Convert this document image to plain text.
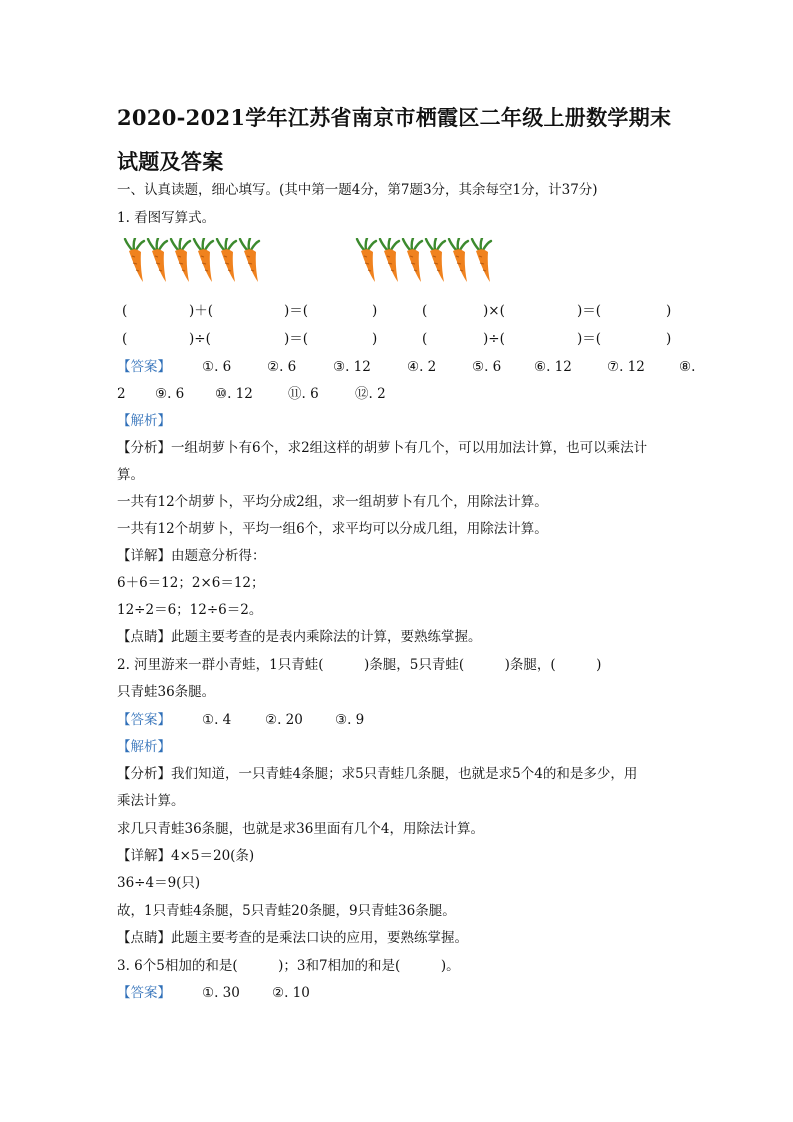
2020-2021学年江苏省南京市栖霞区二年级上册数学期末试题及答案
一、认真读题，细心填写。(其中第一题4分，第7题3分，其余每空1分，计37分)
1. 看图写算式。
(	)＋(	)＝(	)	(	)×(	)＝(	)
(	)÷(	)＝(	)	(	)÷(	)＝(	)
【答案】 ①. 6	②. 6	③. 12	④. 2	⑤. 6 ⑥. 12	⑦. 12	⑧.
2 ⑨. 6 ⑩. 12	⑪. 6	⑫. 2
【解析】
【分析】一组胡萝卜有6个，求2组这样的胡萝卜有几个，可以用加法计算，也可以乘法计
算。
一共有12个胡萝卜，平均分成2组，求一组胡萝卜有几个，用除法计算。
一共有12个胡萝卜，平均一组6个，求平均可以分成几组，用除法计算。
【详解】由题意分析得：
6＋6＝12；2×6＝12；
12÷2＝6；12÷6＝2。
【点睛】此题主要考查的是表内乘除法的计算，要熟练掌握。
2. 河里游来一群小青蛙，1只青蛙(　　　)条腿，5只青蛙(　　　)条腿，(　　　)
只青蛙36条腿。
【答案】 ①. 4 ②. 20 ③. 9
【解析】
【分析】我们知道，一只青蛙4条腿；求5只青蛙几条腿，也就是求5个4的和是多少，用
乘法计算。
求几只青蛙36条腿，也就是求36里面有几个4，用除法计算。
【详解】4×5＝20(条)
36÷4＝9(只)
故，1只青蛙4条腿，5只青蛙20条腿，9只青蛙36条腿。
【点睛】此题主要考查的是乘法口诀的应用，要熟练掌握。
3. 6个5相加的和是(　　　)；3和7相加的和是(　　　)。
【答案】 ①. 30 ②. 10
